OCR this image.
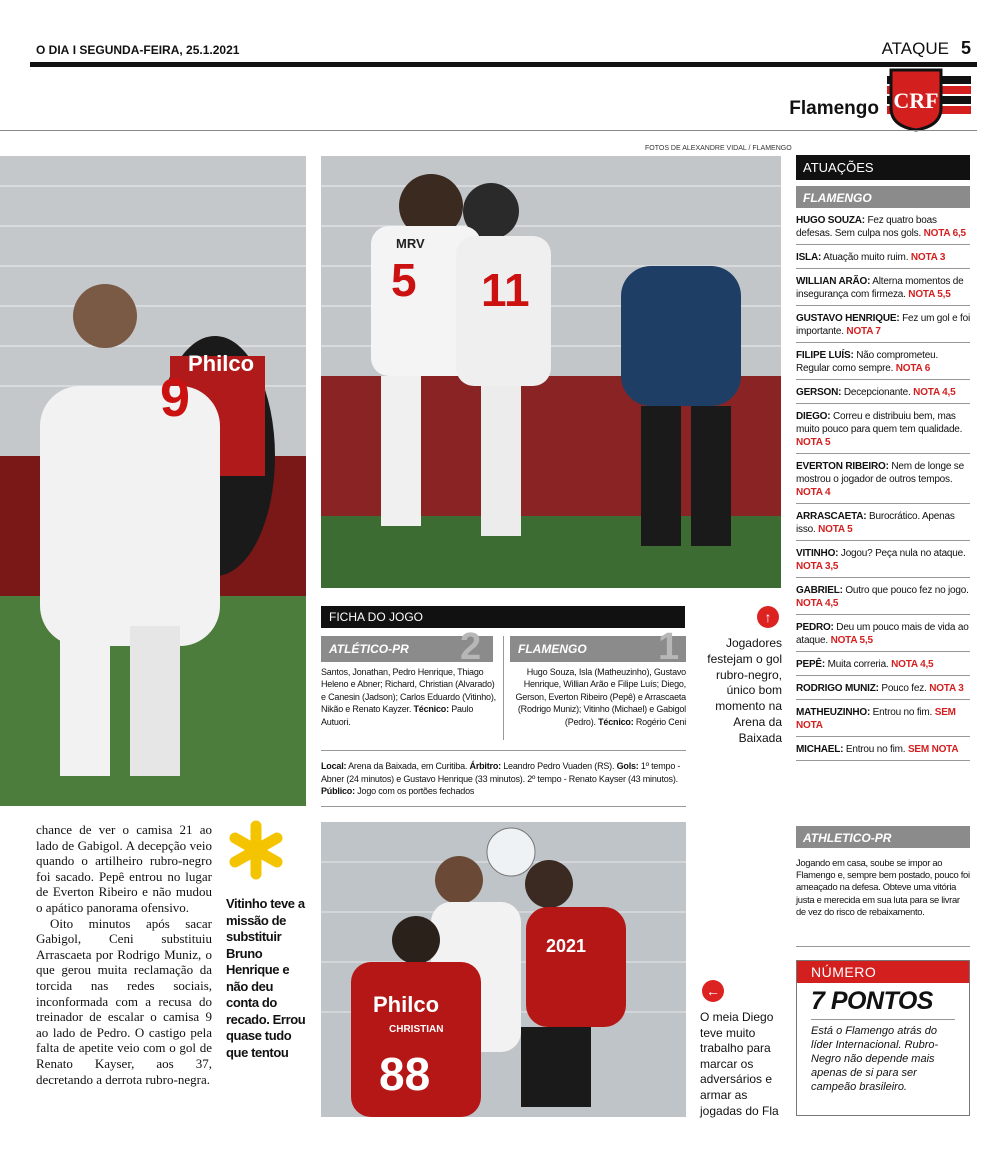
O DIA I SEGUNDA-FEIRA, 25.1.2021	ATAQUE 5
Flamengo CRF
FOTOS DE ALEXANDRE VIDAL / FLAMENGO
9
Philco
5 11
MRV
88
Philco
CHRISTIAN
2021
FICHA DO JOGO
ATLÉTICO-PR	2	FLAMENGO	1
Santos, Jonathan, Pedro Henrique, Thiago Heleno e Abner; Richard, Christian (Alvarado) e Canesin (Jadson); Carlos Eduardo (Vitinho), Nikão e Renato Kayzer. Técnico: Paulo Autuori.
Hugo Souza, Isla (Matheuzinho), Gustavo Henrique, Willian Arão e Filipe Luís; Diego, Gerson, Everton Ribeiro (Pepê) e Arrascaeta (Rodrigo Muniz); Vitinho (Michael) e Gabigol (Pedro). Técnico: Rogério Ceni
Local: Arena da Baixada, em Curitiba. Árbitro: Leandro Pedro Vuaden (RS). Gols: 1º tempo - Abner (24 minutos) e Gustavo Henrique (33 minutos). 2º tempo - Renato Kayser (43 minutos). Público: Jogo com os portões fechados
↑
Jogadores festejam o gol rubro-negro, único bom momento na Arena da Baixada
←
O meia Diego teve muito trabalho para marcar os adversários e armar as jogadas do Fla

chance de ver o camisa 21 ao lado de Gabigol. A decepção veio quando o artilheiro rubro-negro foi sacado. Pepê entrou no lugar de Everton Ribeiro e não mudou o apático panorama ofensivo.

Oito minutos após sacar Gabigol, Ceni substituiu Arrascaeta por Rodrigo Muniz, o que gerou muita reclamação da torcida nas redes sociais, inconformada com a recusa do treinador de escalar o camisa 9 ao lado de Pedro. O castigo pela falta de apetite veio com o gol de Renato Kayser, aos 37, decretando a derrota rubro-negra.

Vitinho teve a missão de substituir Bruno Henrique e não deu conta do recado. Errou quase tudo que tentou
ATUAÇÕES
FLAMENGO
HUGO SOUZA: Fez quatro boas defesas. Sem culpa nos gols. NOTA 6,5
ISLA: Atuação muito ruim. NOTA 3
WILLIAN ARÃO: Alterna momentos de insegurança com firmeza. NOTA 5,5
GUSTAVO HENRIQUE: Fez um gol e foi importante. NOTA 7
FILIPE LUÍS: Não comprometeu. Regular como sempre. NOTA 6
GERSON: Decepcionante. NOTA 4,5
DIEGO: Correu e distribuiu bem, mas muito pouco para quem tem qualidade. NOTA 5
EVERTON RIBEIRO: Nem de longe se mostrou o jogador de outros tempos. NOTA 4
ARRASCAETA: Burocrático. Apenas isso. NOTA 5
VITINHO: Jogou? Peça nula no ataque. NOTA 3,5
GABRIEL: Outro que pouco fez no jogo. NOTA 4,5
PEDRO: Deu um pouco mais de vida ao ataque. NOTA 5,5
PEPÊ: Muita correria. NOTA 4,5
RODRIGO MUNIZ: Pouco fez. NOTA 3
MATHEUZINHO: Entrou no fim. SEM NOTA
MICHAEL: Entrou no fim. SEM NOTA
ATHLETICO-PR
Jogando em casa, soube se impor ao Flamengo e, sempre bem postado, pouco foi ameaçado na defesa. Obteve uma vitória justa e merecida em sua luta para se livrar de vez do risco de rebaixamento.
NÚMERO
7 PONTOS
Está o Flamengo atrás do líder Internacional. Rubro-Negro não depende mais apenas de si para ser campeão brasileiro.
